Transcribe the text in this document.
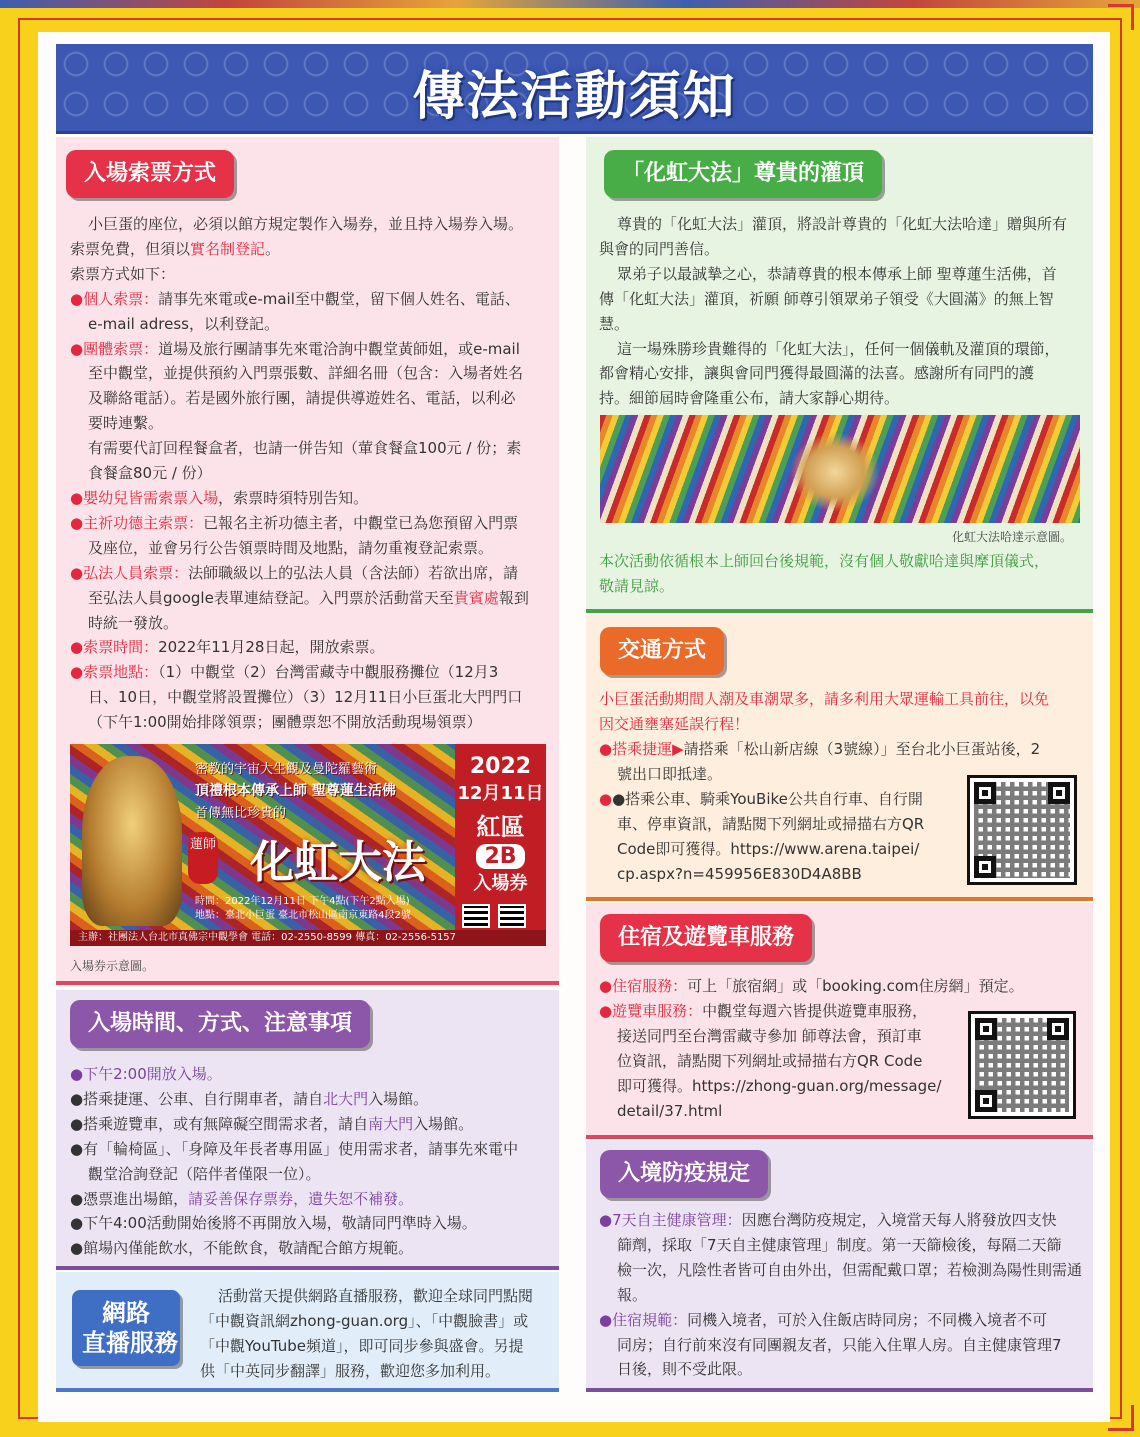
傳法活動須知
入場索票方式
小巨蛋的座位，必須以館方規定製作入場券，並且持入場券入場。
索票免費，但須以實名制登記。
索票方式如下：
●個人索票：請事先來電或e-mail至中觀堂，留下個人姓名、電話、
e-mail adress，以利登記。
●團體索票：道場及旅行團請事先來電洽詢中觀堂黃師姐，或e-mail
至中觀堂，並提供預約入門票張數、詳細名冊（包含：入場者姓名
及聯絡電話）。若是國外旅行團，請提供導遊姓名、電話，以利必
要時連繫。
有需要代訂回程餐盒者，也請一併告知（葷食餐盒100元 / 份；素
食餐盒80元 / 份）
●嬰幼兒皆需索票入場，索票時須特別告知。
●主祈功德主索票：已報名主祈功德主者，中觀堂已為您預留入門票
及座位，並會另行公告領票時間及地點，請勿重複登記索票。
●弘法人員索票：法師職級以上的弘法人員（含法師）若欲出席，請
至弘法人員google表單連結登記。入門票於活動當天至貴賓處報到
時統一發放。
●索票時間：2022年11月28日起，開放索票。
●索票地點：（1）中觀堂（2）台灣雷藏寺中觀服務攤位（12月3
日、10日，中觀堂將設置攤位）（3）12月11日小巨蛋北大門門口
（下午1:00開始排隊領票；團體票恕不開放活動現場領票）
密教的宇宙大生觀及曼陀羅藝術
頂禮根本傳承上師 聖尊蓮生活佛
首傳無比珍貴的
蓮師 化虹大法
時間：2022年12月11日 下午4點(下午2點入場)
地點：臺北小巨蛋 臺北市松山區南京東路4段2號
2022
12月11日
紅區
2B
入場券
主辦：社團法人台北市真佛宗中觀學會 電話：02-2550-8599 傳真：02-2556-5157
入場券示意圖。
入場時間、方式、注意事項
●下午2:00開放入場。
●搭乘捷運、公車、自行開車者，請自北大門入場館。
●搭乘遊覽車，或有無障礙空間需求者，請自南大門入場館。
●有「輪椅區」、「身障及年長者專用區」使用需求者，請事先來電中
觀堂洽詢登記（陪伴者僅限一位）。
●憑票進出場館，請妥善保存票券，遺失恕不補發。
●下午4:00活動開始後將不再開放入場，敬請同門準時入場。
●館場內僅能飲水，不能飲食，敬請配合館方規範。
網路
直播服務
活動當天提供網路直播服務，歡迎全球同門點閱
「中觀資訊網zhong-guan.org」、「中觀臉書」或
「中觀YouTube頻道」，即可同步參與盛會。另提
供「中英同步翻譯」服務，歡迎您多加利用。
「化虹大法」尊貴的灌頂
尊貴的「化虹大法」灌頂，將設計尊貴的「化虹大法哈達」贈與所有
與會的同門善信。
眾弟子以最誠摯之心，恭請尊貴的根本傳承上師 聖尊蓮生活佛，首
傳「化虹大法」灌頂，祈願 師尊引領眾弟子領受《大圓滿》的無上智
慧。
這一場殊勝珍貴難得的「化虹大法」，任何一個儀軌及灌頂的環節，
都會精心安排，讓與會同門獲得最圓滿的法喜。感謝所有同門的護
持。細節屆時會隆重公布，請大家靜心期待。
化虹大法哈達示意圖。
本次活動依循根本上師回台後規範，沒有個人敬獻哈達與摩頂儀式，
敬請見諒。
交通方式
小巨蛋活動期間人潮及車潮眾多，請多利用大眾運輸工具前往，以免
因交通壅塞延誤行程！
●搭乘捷運▶請搭乘「松山新店線（3號線）」至台北小巨蛋站後，2
號出口即抵達。
●●搭乘公車、騎乘YouBike公共自行車、自行開
車、停車資訊，請點閱下列網址或掃描右方QR
Code即可獲得。https://www.arena.taipei/
cp.aspx?n=459956E830D4A8BB
住宿及遊覽車服務
●住宿服務：可上「旅宿網」或「booking.com住房網」預定。
●遊覽車服務：中觀堂每週六皆提供遊覽車服務，
接送同門至台灣雷藏寺參加 師尊法會，預訂車
位資訊，請點閱下列網址或掃描右方QR Code
即可獲得。https://zhong-guan.org/message/
detail/37.html
入境防疫規定
●7天自主健康管理：因應台灣防疫規定，入境當天每人將發放四支快
篩劑，採取「7天自主健康管理」制度。第一天篩檢後，每隔二天篩
檢一次，凡陰性者皆可自由外出，但需配戴口罩；若檢測為陽性則需通
報。
●住宿規範：同機入境者，可於入住飯店時同房；不同機入境者不可
同房；自行前來沒有同團親友者，只能入住單人房。自主健康管理7
日後，則不受此限。
